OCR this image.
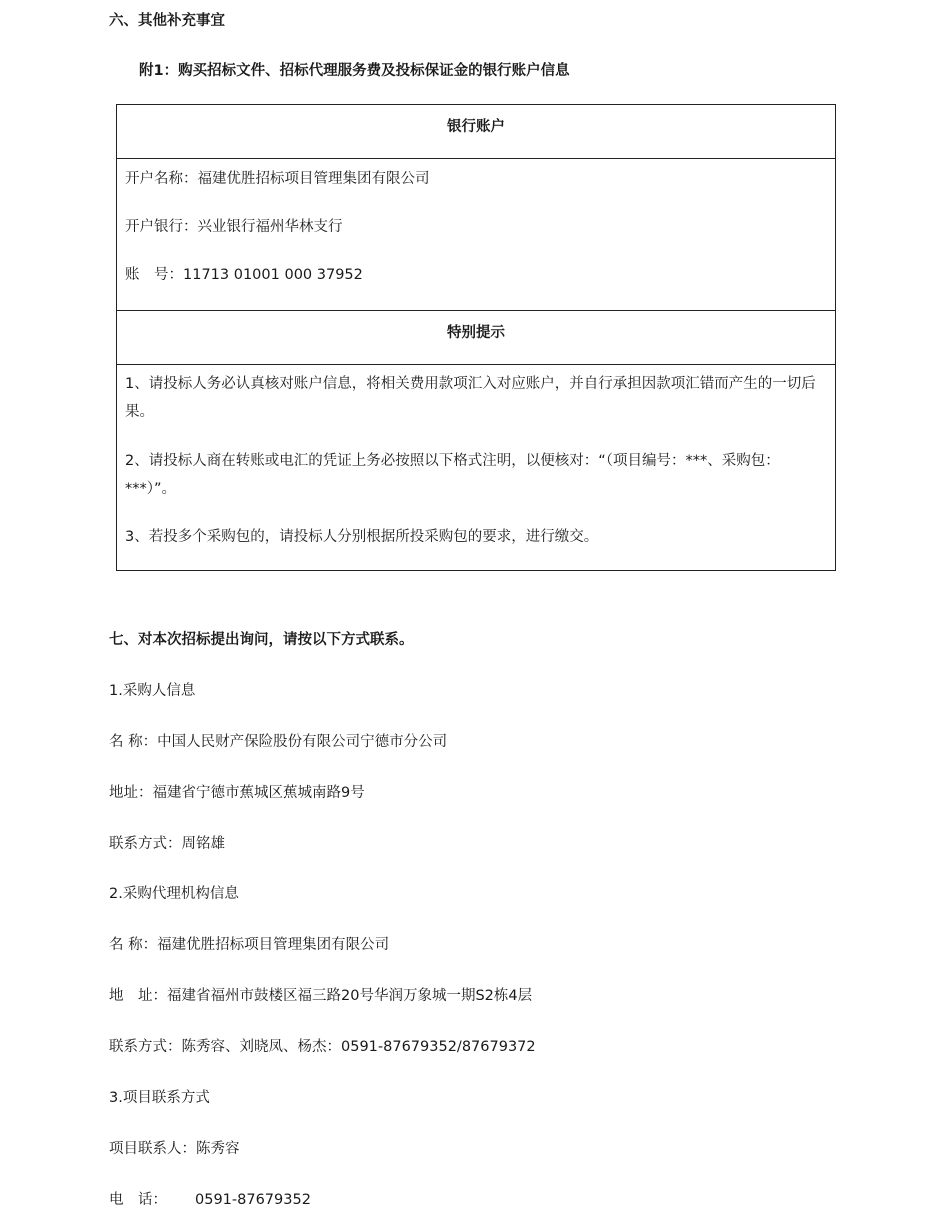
六、其他补充事宜
附1：购买招标文件、招标代理服务费及投标保证金的银行账户信息
银行账户
开户名称：福建优胜招标项目管理集团有限公司
开户银行：兴业银行福州华林支行
账　号：11713 01001 000 37952
特别提示
1、请投标人务必认真核对账户信息，将相关费用款项汇入对应账户，并自行承担因款项汇错而产生的一切后果。
2、请投标人商在转账或电汇的凭证上务必按照以下格式注明，以便核对：“（项目编号：***、采购包：***）”。
3、若投多个采购包的，请投标人分别根据所投采购包的要求，进行缴交。
七、对本次招标提出询问，请按以下方式联系。
1.采购人信息
名 称：中国人民财产保险股份有限公司宁德市分公司
地址：福建省宁德市蕉城区蕉城南路9号
联系方式：周铭雄
2.采购代理机构信息
名 称：福建优胜招标项目管理集团有限公司
地　址：福建省福州市鼓楼区福三路20号华润万象城一期S2栋4层
联系方式：陈秀容、刘晓凤、杨杰：0591-87679352/87679372
3.项目联系方式
项目联系人：陈秀容
电　话： 0591-87679352
